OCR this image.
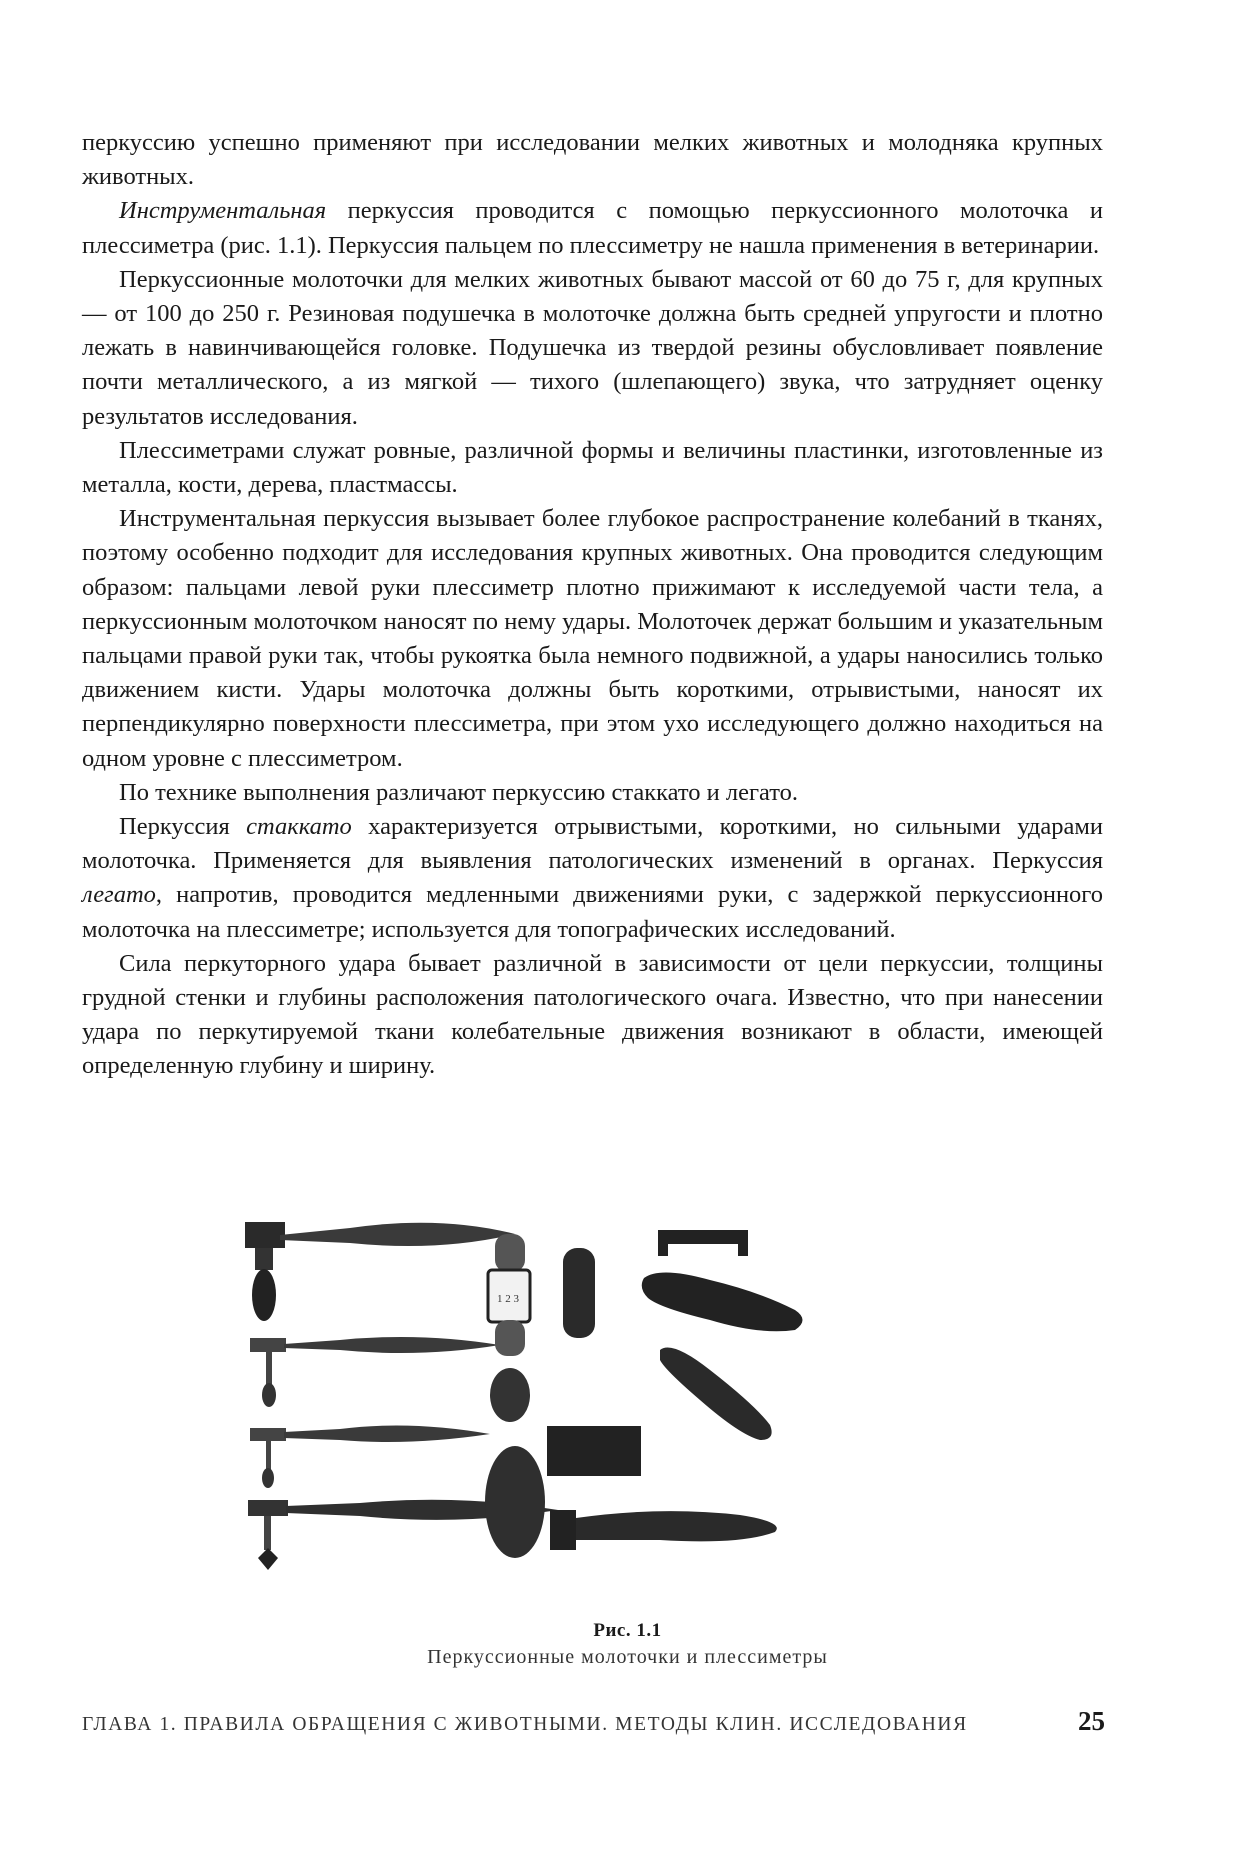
перкуссию успешно применяют при исследовании мелких животных и молодняка крупных животных.

Инструментальная перкуссия проводится с помощью перкуссионного молоточка и плессиметра (рис. 1.1). Перкуссия пальцем по плессиметру не нашла применения в ветеринарии.

Перкуссионные молоточки для мелких животных бывают массой от 60 до 75 г, для крупных — от 100 до 250 г. Резиновая подушечка в молоточке должна быть средней упругости и плотно лежать в навинчивающейся головке. Подушечка из твердой резины обусловливает появление почти металлического, а из мягкой — тихого (шлепающего) звука, что затрудняет оценку результатов исследования.

Плессиметрами служат ровные, различной формы и величины пластинки, изготовленные из металла, кости, дерева, пластмассы.

Инструментальная перкуссия вызывает более глубокое распространение колебаний в тканях, поэтому особенно подходит для исследования крупных животных. Она проводится следующим образом: пальцами левой руки плессиметр плотно прижимают к исследуемой части тела, а перкуссионным молоточком наносят по нему удары. Молоточек держат большим и указательным пальцами правой руки так, чтобы рукоятка была немного подвижной, а удары наносились только движением кисти. Удары молоточка должны быть короткими, отрывистыми, наносят их перпендикулярно поверхности плессиметра, при этом ухо исследующего должно находиться на одном уровне с плессиметром.

По технике выполнения различают перкуссию стаккато и легато.

Перкуссия стаккато характеризуется отрывистыми, короткими, но сильными ударами молоточка. Применяется для выявления патологических изменений в органах. Перкуссия легато, напротив, проводится медленными движениями руки, с задержкой перкуссионного молоточка на плессиметре; используется для топографических исследований.

Сила перкуторного удара бывает различной в зависимости от цели перкуссии, толщины грудной стенки и глубины расположения патологического очага. Известно, что при нанесении удара по перкутируемой ткани колебательные движения возникают в области, имеющей определенную глубину и ширину.

1 2 3
Рис. 1.1
Перкуссионные молоточки и плессиметры
ГЛАВА 1. ПРАВИЛА ОБРАЩЕНИЯ С ЖИВОТНЫМИ. МЕТОДЫ КЛИН. ИССЛЕДОВАНИЯ	25
